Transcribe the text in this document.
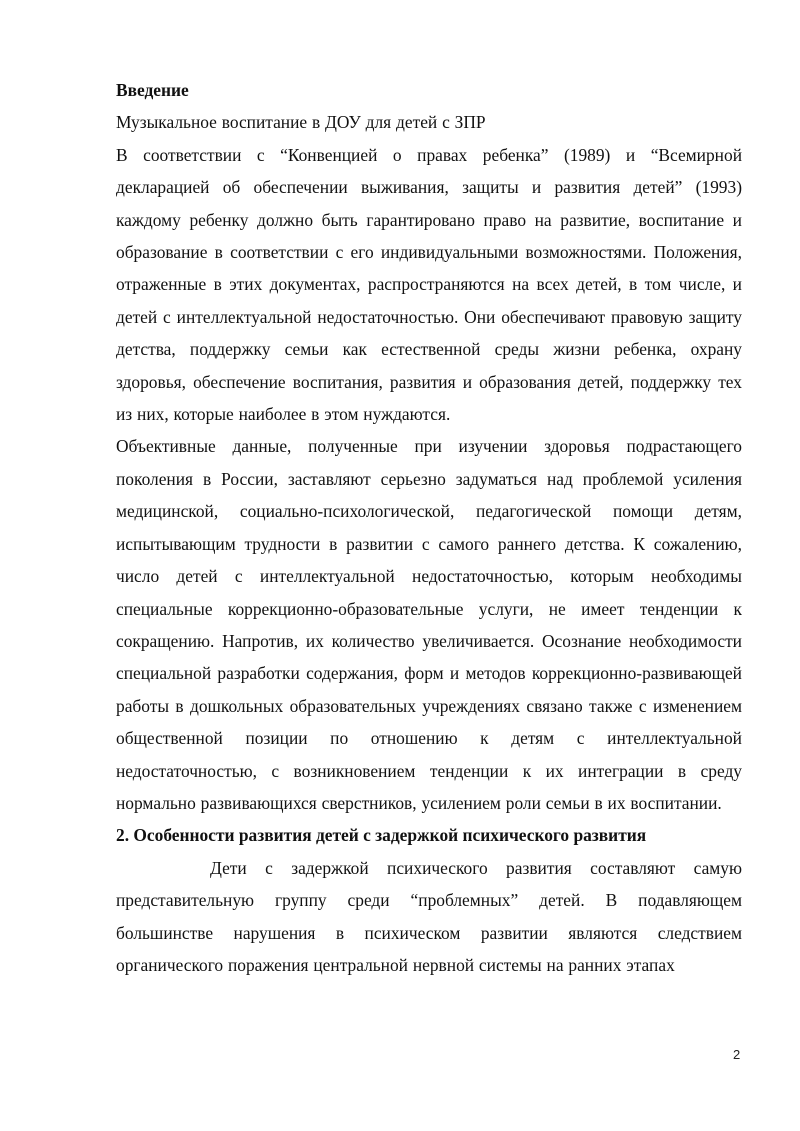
Введение

Музыкальное воспитание в ДОУ для детей с ЗПР

В соответствии с “Конвенцией о правах ребенка” (1989) и “Всемирной декларацией об обеспечении выживания, защиты и развития детей” (1993) каждому ребенку должно быть гарантировано право на развитие, воспитание и образование в соответствии с его индивидуальными возможностями. Положения, отраженные в этих документах, распространяются на всех детей, в том числе, и детей с интеллектуальной недостаточностью. Они обеспечивают правовую защиту детства, поддержку семьи как естественной среды жизни ребенка, охрану здоровья, обеспечение воспитания, развития и образования детей, поддержку тех из них, которые наиболее в этом нуждаются.

Объективные данные, полученные при изучении здоровья подрастающего поколения в России, заставляют серьезно задуматься над проблемой усиления медицинской, социально-психологической, педагогической помощи детям, испытывающим трудности в развитии с самого раннего детства. К сожалению, число детей с интеллектуальной недостаточностью, которым необходимы специальные коррекционно-образовательные услуги, не имеет тенденции к сокращению. Напротив, их количество увеличивается. Осознание необходимости специальной разработки содержания, форм и методов коррекционно-развивающей работы в дошкольных образовательных учреждениях связано также с изменением общественной позиции по отношению к детям с интеллектуальной недостаточностью, с возникновением тенденции к их интеграции в среду нормально развивающихся сверстников, усилением роли семьи в их воспитании.

2. Особенности развития детей с задержкой психического развития

Дети с задержкой психического развития составляют самую представительную группу среди “проблемных” детей. В подавляющем большинстве нарушения в психическом развитии являются следствием органического поражения центральной нервной системы на ранних этапах

2
